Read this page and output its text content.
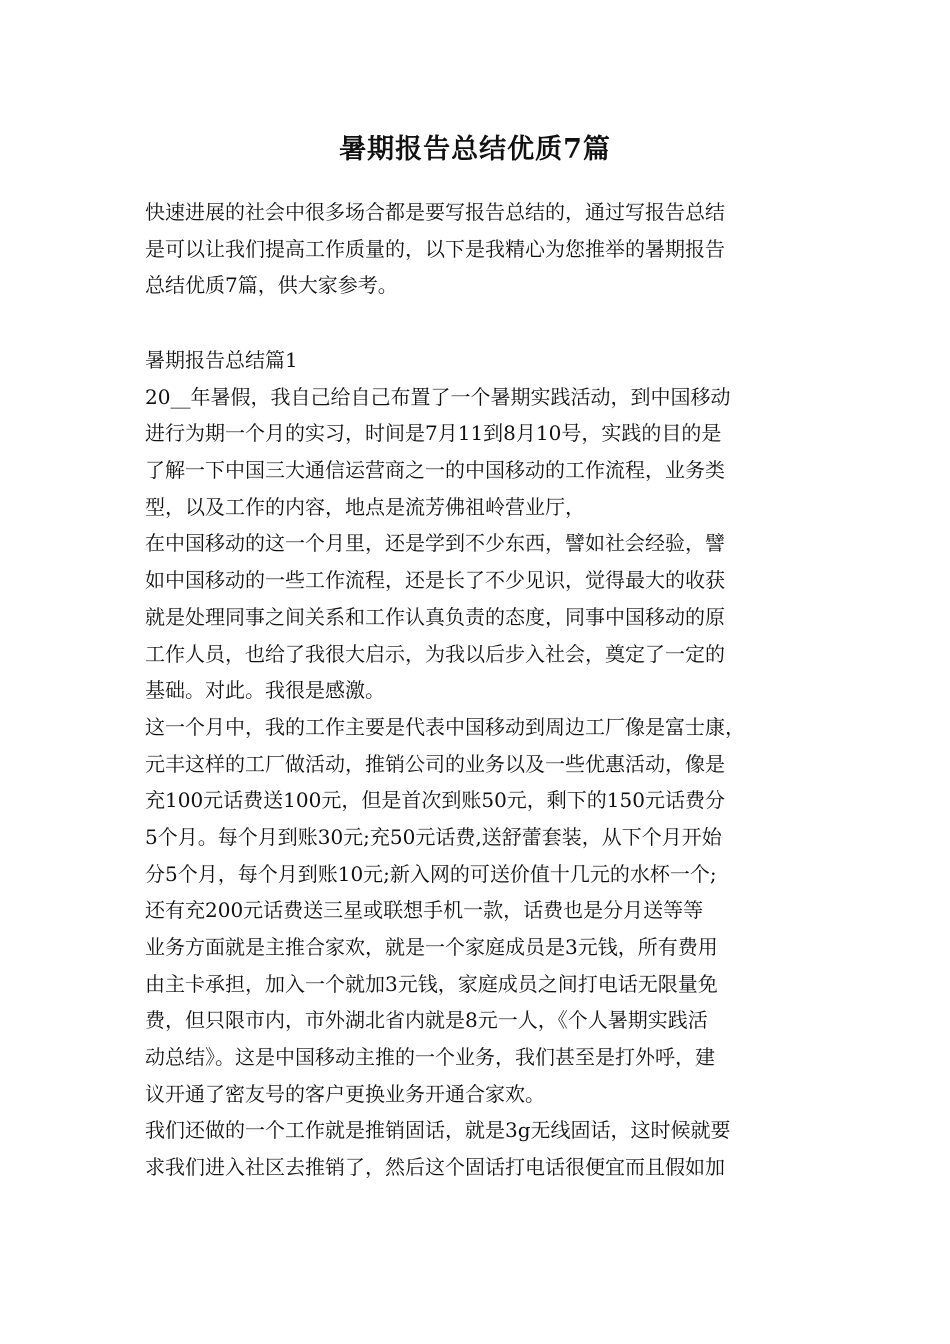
暑期报告总结优质7篇
快速进展的社会中很多场合都是要写报告总结的，通过写报告总结
是可以让我们提高工作质量的，以下是我精心为您推举的暑期报告
总结优质7篇，供大家参考。
暑期报告总结篇1
20__年暑假，我自己给自己布置了一个暑期实践活动，到中国移动
进行为期一个月的实习，时间是7月11到8月10号，实践的目的是
了解一下中国三大通信运营商之一的中国移动的工作流程，业务类
型，以及工作的内容，地点是流芳佛祖岭营业厅，
在中国移动的这一个月里，还是学到不少东西，譬如社会经验，譬
如中国移动的一些工作流程，还是长了不少见识，觉得最大的收获
就是处理同事之间关系和工作认真负责的态度，同事中国移动的原
工作人员，也给了我很大启示，为我以后步入社会，奠定了一定的
基础。对此。我很是感激。
这一个月中，我的工作主要是代表中国移动到周边工厂像是富士康，
元丰这样的工厂做活动，推销公司的业务以及一些优惠活动，像是
充100元话费送100元，但是首次到账50元，剩下的150元话费分
5个月。每个月到账30元;充50元话费,送舒蕾套装，从下个月开始
分5个月，每个月到账10元;新入网的可送价值十几元的水杯一个;
还有充200元话费送三星或联想手机一款，话费也是分月送等等
业务方面就是主推合家欢，就是一个家庭成员是3元钱，所有费用
由主卡承担，加入一个就加3元钱，家庭成员之间打电话无限量免
费，但只限市内，市外湖北省内就是8元一人，《个人暑期实践活
动总结》。这是中国移动主推的一个业务，我们甚至是打外呼，建
议开通了密友号的客户更换业务开通合家欢。
我们还做的一个工作就是推销固话，就是3g无线固话，这时候就要
求我们进入社区去推销了，然后这个固话打电话很便宜而且假如加
